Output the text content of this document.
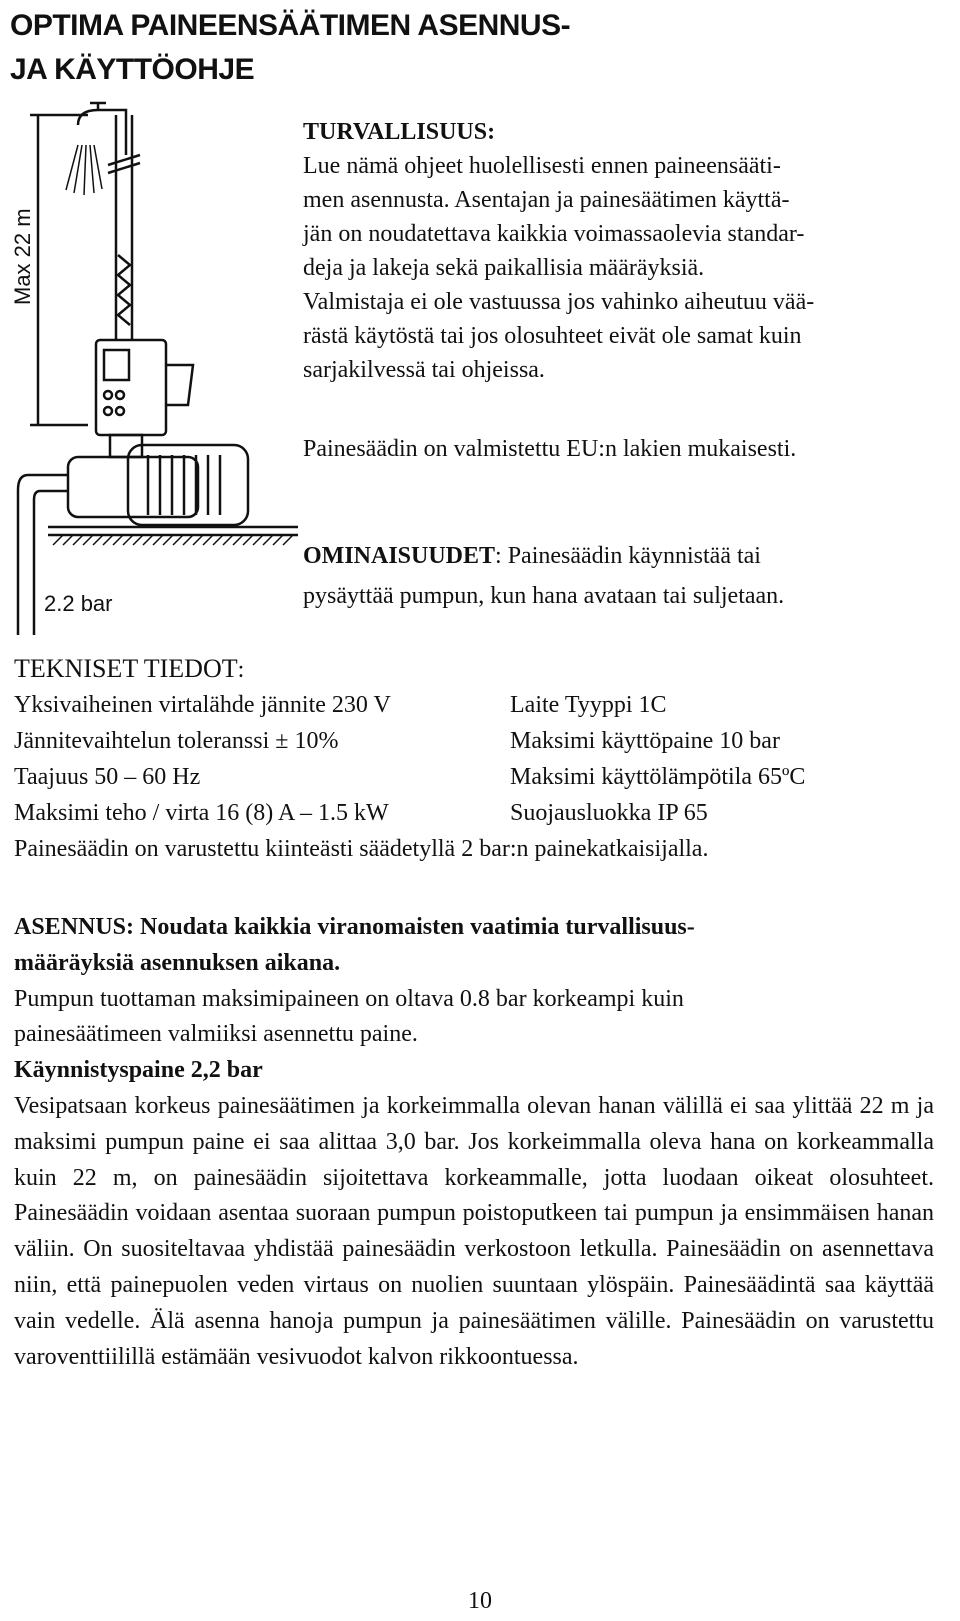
OPTIMA PAINEENSÄÄTIMEN ASENNUS-
JA KÄYTTÖOHJE
Max 22 m
2.2 bar
TURVALLISUUS:
Lue nämä ohjeet huolellisesti ennen paineensääti-
men asennusta. Asentajan ja painesäätimen käyttä-
jän on noudatettava kaikkia voimassaolevia standar-
deja ja lakeja sekä paikallisia määräyksiä.
Valmistaja ei ole vastuussa jos vahinko aiheutuu vää-
rästä käytöstä tai jos olosuhteet eivät ole samat kuin
sarjakilvessä tai ohjeissa.
Painesäädin on valmistettu EU:n lakien mukaisesti.
OMINAISUUDET: Painesäädin käynnistää tai
pysäyttää pumpun, kun hana avataan tai suljetaan.
TEKNISET TIEDOT:
Yksivaiheinen virtalähde jännite 230 V	Laite Tyyppi 1C
Jännitevaihtelun toleranssi ± 10%	Maksimi käyttöpaine 10 bar
Taajuus 50 – 60 Hz	Maksimi käyttölämpötila 65ºC
Maksimi teho / virta 16 (8) A – 1.5 kW	Suojausluokka IP 65
Painesäädin on varustettu kiinteästi säädetyllä 2 bar:n painekatkaisijalla.
ASENNUS: Noudata kaikkia viranomaisten vaatimia turvallisuus-
määräyksiä asennuksen aikana.
Pumpun tuottaman maksimipaineen on oltava 0.8 bar korkeampi kuin
painesäätimeen valmiiksi asennettu paine.
Käynnistyspaine 2,2 bar
Vesipatsaan korkeus painesäätimen ja korkeimmalla olevan hanan välillä ei saa ylittää 22 m ja maksimi pumpun paine ei saa alittaa 3,0 bar. Jos korkeimmalla oleva hana on korkeammalla kuin 22 m, on painesäädin sijoitettava korkeammalle, jotta luodaan oikeat olosuhteet. Painesäädin voidaan asentaa suoraan pumpun poistoputkeen tai pumpun ja ensimmäisen hanan väliin. On suositeltavaa yhdistää painesäädin verkostoon letkulla. Painesäädin on asennettava niin, että painepuolen veden virtaus on nuolien suuntaan ylöspäin. Painesäädintä saa käyttää vain vedelle. Älä asenna hanoja pumpun ja painesäätimen välille. Painesäädin on varustettu varoventtiilillä estämään vesivuodot kalvon rikkoontuessa.
10
